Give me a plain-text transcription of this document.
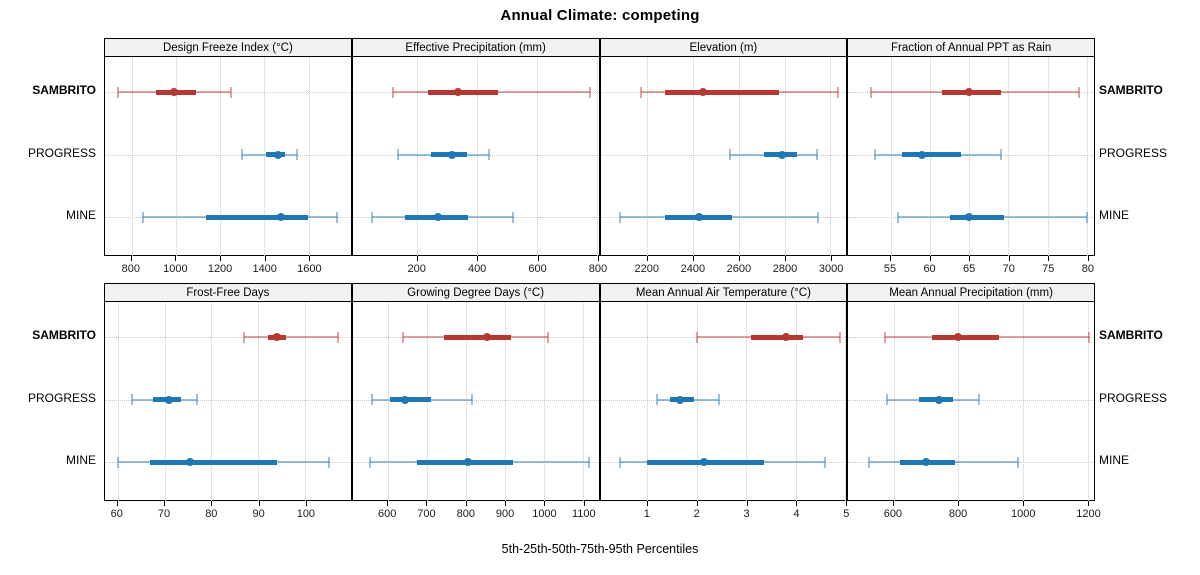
Annual Climate: competing
Design Freeze Index (°C)
800 1000 1200 1400 1600
Effective Precipitation (mm)
200	400	600	800
Elevation (m)
2200 2400 2600 2800 3000
Fraction of Annual PPT as Rain
55 60 65 70 75 80
Frost-Free Days
60	70	80	90	100
Growing Degree Days (°C)
600 700 800 900 1000 1100
Mean Annual Air Temperature (°C)
1	2	3	4	5
Mean Annual Precipitation (mm)
600	800	1000	1200
SAMBRITO	SAMBRITO
PROGRESS	PROGRESS
MINE	MINE
SAMBRITO	SAMBRITO
PROGRESS	PROGRESS
MINE	MINE
5th-25th-50th-75th-95th Percentiles
